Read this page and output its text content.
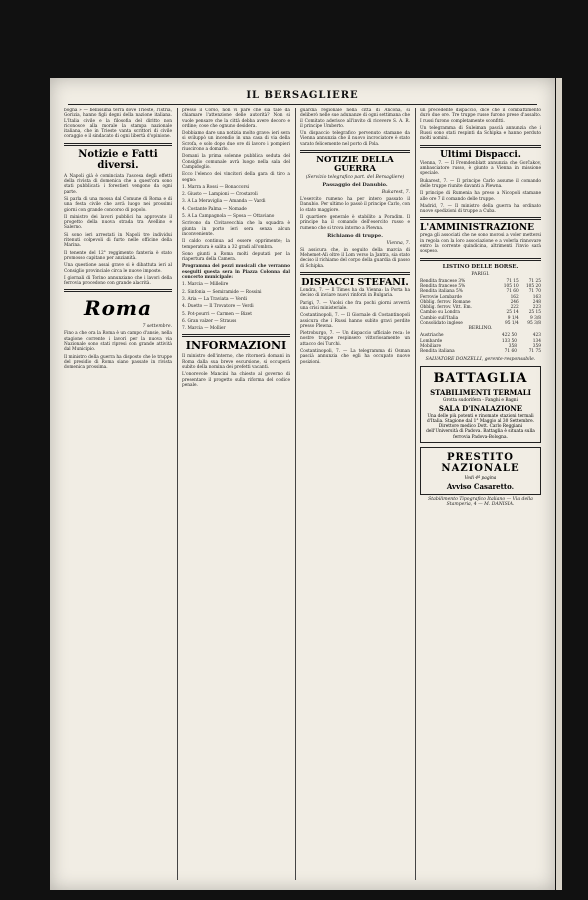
IL BERSAGLIERE

bogna » — bellissima terra dove Trieste, l'Istria, Gorizia, hanno figli degni della nazione italiana. L'Italia civile e la filosofia del diritto non riconosce alla morale la stampa nazionale italiana, che in Trieste vanta scrittori di civile coraggio e il sindacato di ogni libertà d'opinione.

Notizie e Fatti diversi.

A Napoli già è cominciata l'ascesa degli effetti della rivista di domenica che a quest'ora sono stati pubblicati: i forestieri vengono da ogni parte.

Si parla di una mossa dal Comune di Roma e di una festa civile che avrà luogo nei prossimi giorni con grande concorso di popolo.

Il ministro dei lavori pubblici ha approvato il progetto della nuova strada tra Avellino e Salerno.

Si sono ieri arrestati in Napoli tre individui ritenuti colpevoli di furto nelle officine della Marina.

Il tenente del 12° reggimento fanteria è stato promosso capitano per anzianità.

Una questione assai grave si è dibattuta ieri al Consiglio provinciale circa le nuove imposte.

I giornali di Torino annunziano che i lavori della ferrovia procedono con grande alacrità.

Roma
7 settembre.

Fino a che ora la Roma è un campo d'ansie, nella stagione corrente i lavori per la nuova via Nazionale sono stati ripresi con grande attività dal Municipio.

Il ministro della guerra ha disposto che le truppe del presidio di Roma siano passate in rivista domenica prossima.

presso il Corso, non vi pare che sia tale da chiamare l'attenzione delle autorità? Non si vuole pensare che la città debba avere decoro e ordine; cose che ognuno desidera.

Dobbiamo dare una notizia molto grave: ieri sera si sviluppò un incendio in una casa di via della Scrofa, e solo dopo due ore di lavoro i pompieri riuscirono a domarlo.

Domani la prima solenne pubblica seduta del Consiglio comunale avrà luogo nella sala del Campidoglio.

Ecco l'elenco dei vincitori della gara di tiro a segno:

1. Marra a Rossi — Bonaccorsi

2. Giusto — Lampioni — Crostaroli

3. A La Meraviglia — Amanda — Vardi

4. Costante Palma — Nomade

5. A La Campagnola — Sposa — Ottaviano

Scrivono da Civitavecchia che la squadra è giunta in porto ieri sera senza alcun inconveniente.

Il caldo continua ad essere opprimente; la temperatura è salita a 32 gradi all'ombra.

Sono giunti a Roma molti deputati per la riapertura della Camera.

Programma dei pezzi musicali che verranno eseguiti questa sera in Piazza Colonna dal concerto municipale:

1. Marcia — Millelire

2. Sinfonia — Semiramide — Rossini

3. Aria — La Traviata — Verdi

4. Duetto — Il Trovatore — Verdi

5. Pot-pourri — Carmen — Bizet

6. Gran valzer — Strauss

7. Marcia — Mollier

INFORMAZIONI

Il ministro dell'interno, che ritornerà domani in Roma dalla sua breve escursione, si occuperà subito della nomina dei prefetti vacanti.

L'onorevole Mancini ha chiesto al governo di presentare il progetto sulla riforma del codice penale.

guardia regionale nella città di Ancona, si deliberò nelle sue adunanze di ogni settimana che il Comitato aderisce all'invito di ricevere S. A. R. il principe Umberto.

Un dispaccio telegrafico pervenuto stamane da Vienna annunzia che il nuovo incrociatore è stato varato felicemente nel porto di Pola.

NOTIZIE DELLA GUERRA
(Servizio telegrafico part. del Bersagliere)
Passaggio del Danubio.
Bukarest, 7.

L'esercito rumeno ha per intero passato il Danubio. Per ultimo lo passò il principe Carlo, con lo stato maggiore.

Il quartiere generale è stabilito a Poradim. Il principe ha il comando dell'esercito russo e rumeno che si trova intorno a Plewna.

Richiamo di truppe.
Vienna, 7.

Si assicura che, in seguito della marcia di Mehemet-Alì oltre il Lom verso la Jantra, sia stato deciso il richiamo del corpo della guardia di passo di Schipka.

DISPACCI STEFANI.

Londra, 7. — Il Times ha da Vienna: la Porta ha deciso di inviare nuovi rinforzi in Bulgaria.

Parigi, 7. — Vuolsi che fra pochi giorni avverrà una crisi ministeriale.

Costantinopoli, 7. — Il Giornale di Costantinopoli assicura che i Russi hanno subìto gravi perdite presso Plewna.

Pietroburgo, 7. — Un dispaccio ufficiale reca: le nostre truppe respinsero vittoriosamente un attacco dei Turchi.

Costantinopoli, 7. — La telegramma di Osman pascià annunzia che egli ha occupato nuove posizioni.

un precedente dispaccio, dice che il combattimento durò due ore. Tre truppe russe furono prese d'assalto. I russi furono completamente sconfitti.

Un telegramma di Suleiman pascià annunzia che i Russi sono stati respinti da Schipka e hanno perduto molti uomini.

Ultimi Dispacci.

Vienna, 7. — Il Fremdenblatt annunzia che Gorčakov, ambasciatore russo, è giunto a Vienna in missione speciale.

Bukarest, 7. — Il principe Carlo assume il comando delle truppe riunite davanti a Plewna.

Il principe di Rumenia ha preso a Nicopoli stamane alle ore 7 il comando delle truppe.

Madrid, 7. — Il ministro della guerra ha ordinato nuove spedizioni di truppe a Cuba.

L'AMMINISTRAZIONE

prega gli associati che ne sono morosi a voler mettersi in regola con la loro associazione e a volerla rinnovare entro la corrente quindicina, altrimenti l'invio sarà sospeso.

LISTINO DELLE BORSE.
PARIGI.
Rendita francese 3%	71 15	71 25
Rendita francese 5%	105 10	105 20
Rendita italiana 5%	71 60	71 70
Ferrovie Lombarde	162	163
Obblig. ferrov. Romane	246	248
Obblig. ferrov. Vitt. Em.	222	223
Cambio su Londra	25 14	25 15
Cambio sull'Italia	9 1/4	9 3/8
Consolidato inglese	95 1/4	95 3/8
BERLINO.
Austriache	422 50	423
Lombarde	133 50	134
Mobiliare	358	359
Rendita italiana	71 60	71 75
SALVATORE DONZELLI, gerente-responsabile.
BATTAGLIA
STABILIMENTI TERMALI
Grotta sudorifera - Fanghi e Bagni
SALA D'INALAZIONE
Una delle più potenti e rinomate stazioni termali d'Italia. Stagione dal 1° Maggio al 30 Settembre. Direttore medico Dott. Carlo Reggiani dell'Università di Padova. Battaglia è situata sulla ferrovia Padova-Bologna.
PRESTITO NAZIONALE
Vedi 4ª pagina
Avviso Casaretto.
Stabilimento Tipografico Italiano — Via della Stamperia, 4 — M. DANISIA.
